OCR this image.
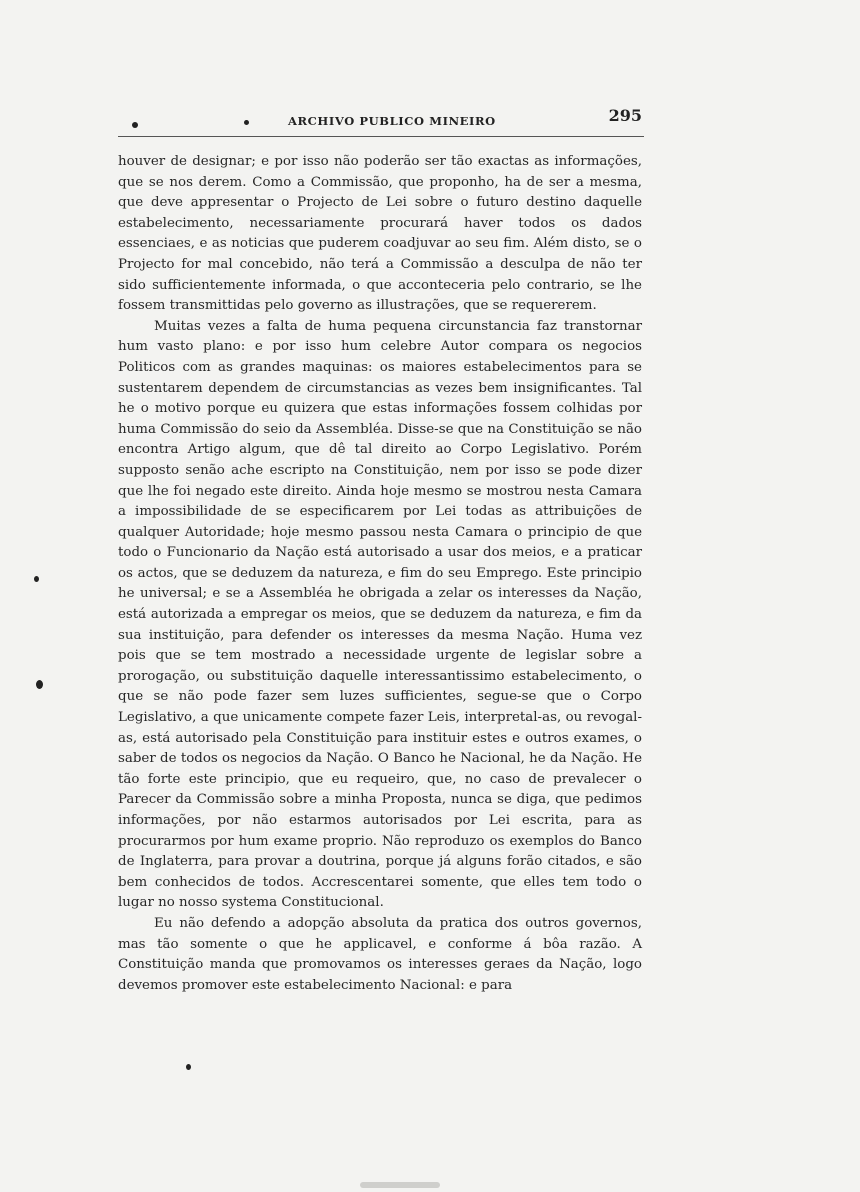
ARCHIVO PUBLICO MINEIRO	295

houver de designar; e por isso não poderão ser tão exactas as informações, que se nos derem. Como a Commissão, que proponho, ha de ser a mesma, que deve appresentar o Projecto de Lei sobre o futuro destino daquelle estabelecimento, necessariamente procurará haver todos os dados essenciaes, e as noticias que puderem coadjuvar ao seu fim. Além disto, se o Projecto for mal concebido, não terá a Commissão a desculpa de não ter sido sufficientemente informada, o que acconteceria pelo contrario, se lhe fossem transmittidas pelo governo as illustrações, que se requererem.

Muitas vezes a falta de huma pequena circunstancia faz transtornar hum vasto plano: e por isso hum celebre Autor compara os negocios Politicos com as grandes maquinas: os maiores estabelecimentos para se sustentarem dependem de circumstancias as vezes bem insignificantes. Tal he o motivo porque eu quizera que estas informações fossem colhidas por huma Commissão do seio da Assembléa. Disse-se que na Constituição se não encontra Artigo algum, que dê tal direito ao Corpo Legislativo. Porém supposto senão ache escripto na Constituição, nem por isso se pode dizer que lhe foi negado este direito. Ainda hoje mesmo se mostrou nesta Camara a impossibilidade de se especificarem por Lei todas as attribuições de qualquer Autoridade; hoje mesmo passou nesta Camara o principio de que todo o Funcionario da Nação está autorisado a usar dos meios, e a praticar os actos, que se deduzem da natureza, e fim do seu Emprego. Este principio he universal; e se a Assembléa he obrigada a zelar os interesses da Nação, está autorizada a empregar os meios, que se deduzem da natureza, e fim da sua instituição, para defender os interesses da mesma Nação. Huma vez pois que se tem mostrado a necessidade urgente de legislar sobre a prorogação, ou substituição daquelle interessantissimo estabelecimento, o que se não pode fazer sem luzes sufficientes, segue-se que o Corpo Legislativo, a que unicamente compete fazer Leis, interpretal-as, ou revogal-as, está autorisado pela Constituição para instituir estes e outros exames, o saber de todos os negocios da Nação. O Banco he Nacional, he da Nação. He tão forte este principio, que eu requeiro, que, no caso de prevalecer o Parecer da Commissão sobre a minha Proposta, nunca se diga, que pedimos informações, por não estarmos autorisados por Lei escrita, para as procurarmos por hum exame proprio. Não reproduzo os exemplos do Banco de Inglaterra, para provar a doutrina, porque já alguns forão citados, e são bem conhecidos de todos. Accrescentarei somente, que elles tem todo o lugar no nosso systema Constitucional.

Eu não defendo a adopção absoluta da pratica dos outros governos, mas tão somente o que he applicavel, e conforme á bôa razão. A Constituição manda que promovamos os interesses geraes da Nação, logo devemos promover este estabelecimento Nacional: e para
